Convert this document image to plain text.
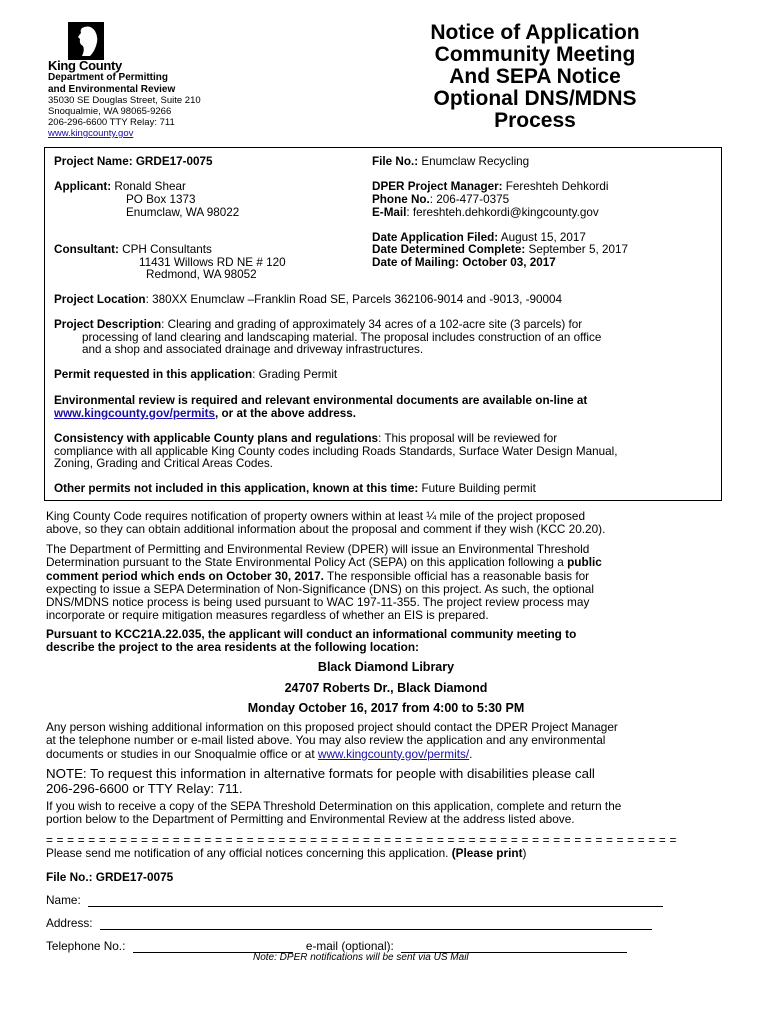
King County
Department of Permitting
and Environmental Review
35030 SE Douglas Street, Suite 210
Snoqualmie, WA 98065-9266
206-296-6600 TTY Relay: 711
www.kingcounty.gov
Notice of Application
Community Meeting
And SEPA Notice
Optional DNS/MDNS
Process
Project Name: GRDE17-0075	File No.: Enumclaw Recycling
Applicant: Ronald Shear
PO Box 1373
Enumclaw, WA 98022
DPER Project Manager: Fereshteh Dehkordi
Phone No.: 206-477-0375
E-Mail: fereshteh.dehkordi@kingcounty.gov
Date Application Filed: August 15, 2017
Date Determined Complete: September 5, 2017
Date of Mailing: October 03, 2017
Consultant: CPH Consultants
11431 Willows RD NE # 120
Redmond, WA 98052
Project Location: 380XX Enumclaw –Franklin Road SE, Parcels 362106-9014 and -9013, -90004
Project Description: Clearing and grading of approximately 34 acres of a 102-acre site (3 parcels) for
processing of land clearing and landscaping material. The proposal includes construction of an office
and a shop and associated drainage and driveway infrastructures.
Permit requested in this application: Grading Permit
Environmental review is required and relevant environmental documents are available on-line at
www.kingcounty.gov/permits, or at the above address.
Consistency with applicable County plans and regulations: This proposal will be reviewed for
compliance with all applicable King County codes including Roads Standards, Surface Water Design Manual,
Zoning, Grading and Critical Areas Codes.
Other permits not included in this application, known at this time: Future Building permit
King County Code requires notification of property owners within at least ¼ mile of the project proposed
above, so they can obtain additional information about the proposal and comment if they wish (KCC 20.20).
The Department of Permitting and Environmental Review (DPER) will issue an Environmental Threshold
Determination pursuant to the State Environmental Policy Act (SEPA) on this application following a public
comment period which ends on October 30, 2017. The responsible official has a reasonable basis for
expecting to issue a SEPA Determination of Non-Significance (DNS) on this project. As such, the optional
DNS/MDNS notice process is being used pursuant to WAC 197-11-355. The project review process may
incorporate or require mitigation measures regardless of whether an EIS is prepared.
Pursuant to KCC21A.22.035, the applicant will conduct an informational community meeting to
describe the project to the area residents at the following location:
Black Diamond Library
24707 Roberts Dr., Black Diamond
Monday October 16, 2017 from 4:00 to 5:30 PM
Any person wishing additional information on this proposed project should contact the DPER Project Manager
at the telephone number or e-mail listed above. You may also review the application and any environmental
documents or studies in our Snoqualmie office or at www.kingcounty.gov/permits/.
NOTE: To request this information in alternative formats for people with disabilities please call
206-296-6600 or TTY Relay: 711.
If you wish to receive a copy of the SEPA Threshold Determination on this application, complete and return the
portion below to the Department of Permitting and Environmental Review at the address listed above.
= = = = = = = = = = = = = = = = = = = = = = = = = = = = = = = = = = = = = = = = = = = = = = = = = = = = = = = = = = = =
Please send me notification of any official notices concerning this application. (Please print)
File No.: GRDE17-0075
Name:
Address:
Telephone No.:	e-mail (optional):
Note: DPER notifications will be sent via US Mail
